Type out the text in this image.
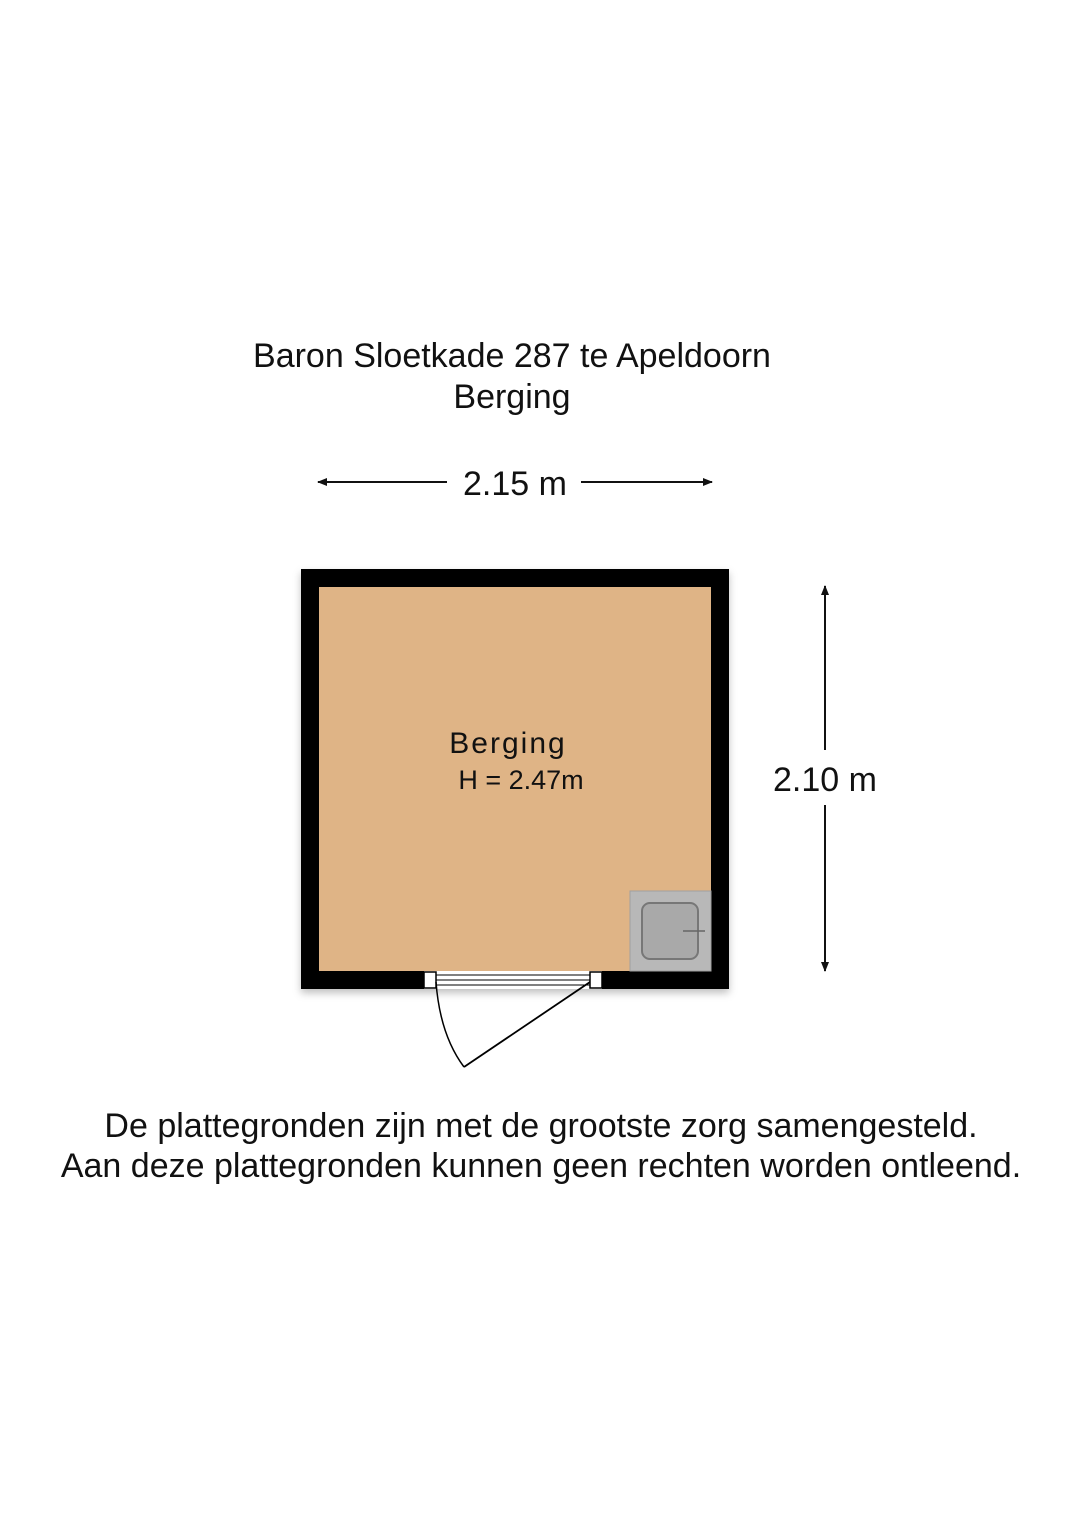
Baron Sloetkade 287 te Apeldoorn
Berging
2.15 m
Berging
H = 2.47m	2.10 m
De plattegronden zijn met de grootste zorg samengesteld.
Aan deze plattegronden kunnen geen rechten worden ontleend.
